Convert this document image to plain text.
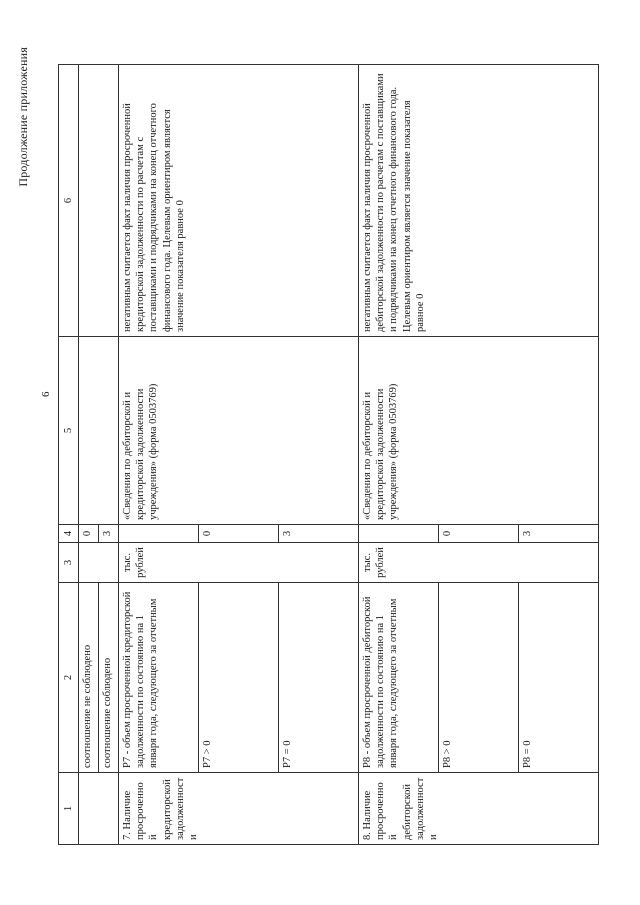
Продолжение приложения
6
1	2	3	4	5	6
	соотношение не соблюдено		0		
	соотношение соблюдено		3		
7. Наличие просроченной кредиторской задолженности	Р7 - объем просроченной кредиторской задолженности по состоянию на 1 января года, следующего за отчетным	тыс. рублей		«Сведения по дебиторской и кредиторской задолженности учреждения» (форма 0503769)	негативным считается факт наличия просроченной кредиторской задолженности по расчетам с поставщиками и подрядчиками на конец отчетного финансового года. Целевым ориентиром является значение показателя равное 0
	Р7 > 0		0		
	Р7 = 0		3		
8. Наличие просроченной дебиторской задолженности	Р8 - объем просроченной дебиторской задолженности по состоянию на 1 января года, следующего за отчетным	тыс. рублей		«Сведения по дебиторской и кредиторской задолженности учреждения» (форма 0503769)	негативным считается факт наличия просроченной дебиторской задолженности по расчетам с поставщиками и подрядчиками на конец отчетного финансового года. Целевым ориентиром является значение показателя равное 0
	Р8 > 0		0		
	Р8 = 0		3		
